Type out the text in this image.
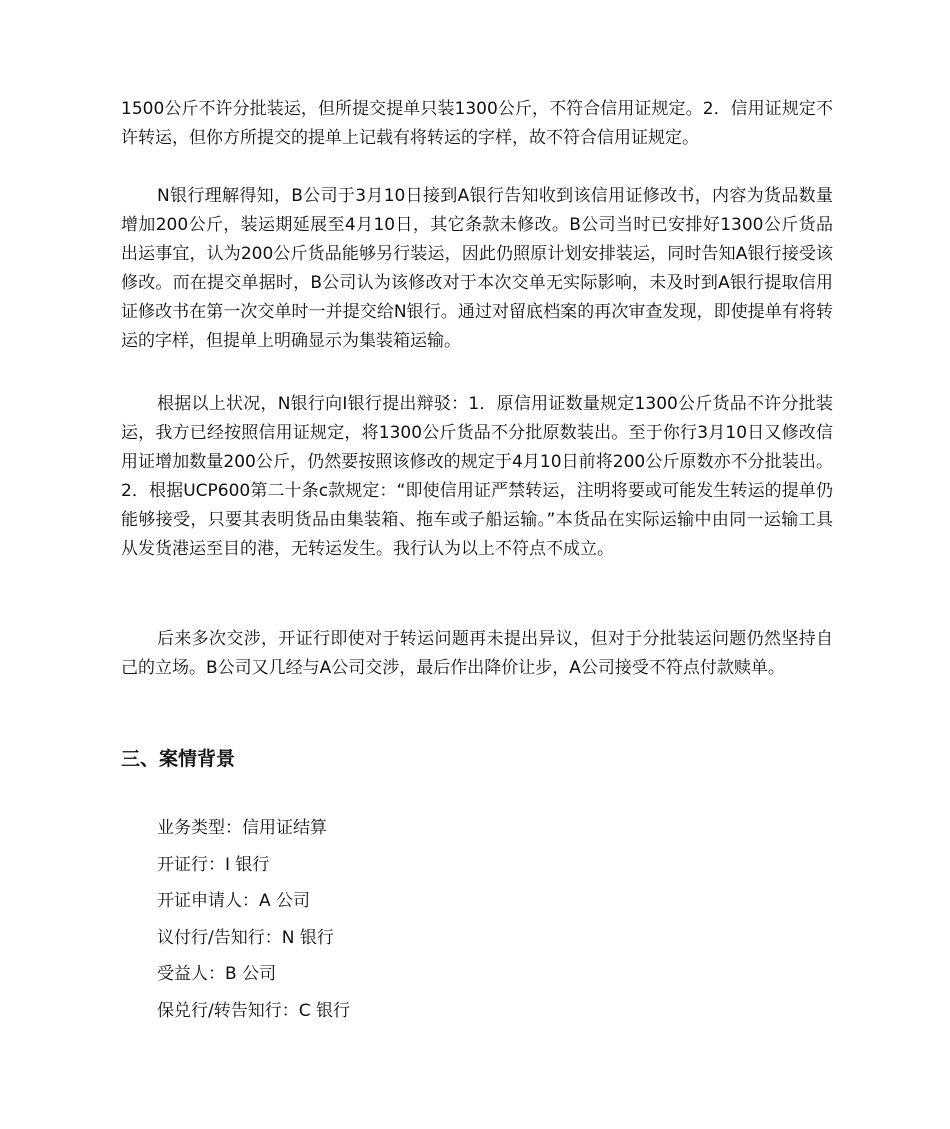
1500公斤不许分批装运，但所提交提单只装1300公斤，不符合信用证规定。2．信用证规定不许转运，但你方所提交的提单上记载有将转运的字样，故不符合信用证规定。

N银行理解得知，B公司于3月10日接到A银行告知收到该信用证修改书，内容为货品数量增加200公斤，装运期延展至4月10日，其它条款未修改。B公司当时已安排好1300公斤货品出运事宜，认为200公斤货品能够另行装运，因此仍照原计划安排装运，同时告知A银行接受该修改。而在提交单据时，B公司认为该修改对于本次交单无实际影响，未及时到A银行提取信用证修改书在第一次交单时一并提交给N银行。通过对留底档案的再次审查发现，即使提单有将转运的字样，但提单上明确显示为集装箱运输。

根据以上状况，N银行向I银行提出辩驳：1．原信用证数量规定1300公斤货品不许分批装运，我方已经按照信用证规定，将1300公斤货品不分批原数装出。至于你行3月10日又修改信用证增加数量200公斤，仍然要按照该修改的规定于4月10日前将200公斤原数亦不分批装出。2．根据UCP600第二十条c款规定：“即使信用证严禁转运，注明将要或可能发生转运的提单仍能够接受，只要其表明货品由集装箱、拖车或子船运输。”本货品在实际运输中由同一运输工具从发货港运至目的港，无转运发生。我行认为以上不符点不成立。

后来多次交涉，开证行即使对于转运问题再未提出异议，但对于分批装运问题仍然坚持自己的立场。B公司又几经与A公司交涉，最后作出降价让步，A公司接受不符点付款赎单。

三、案情背景
业务类型：信用证结算
开证行：I 银行
开证申请人：A 公司
议付行/告知行：N 银行
受益人：B 公司
保兑行/转告知行：C 银行
